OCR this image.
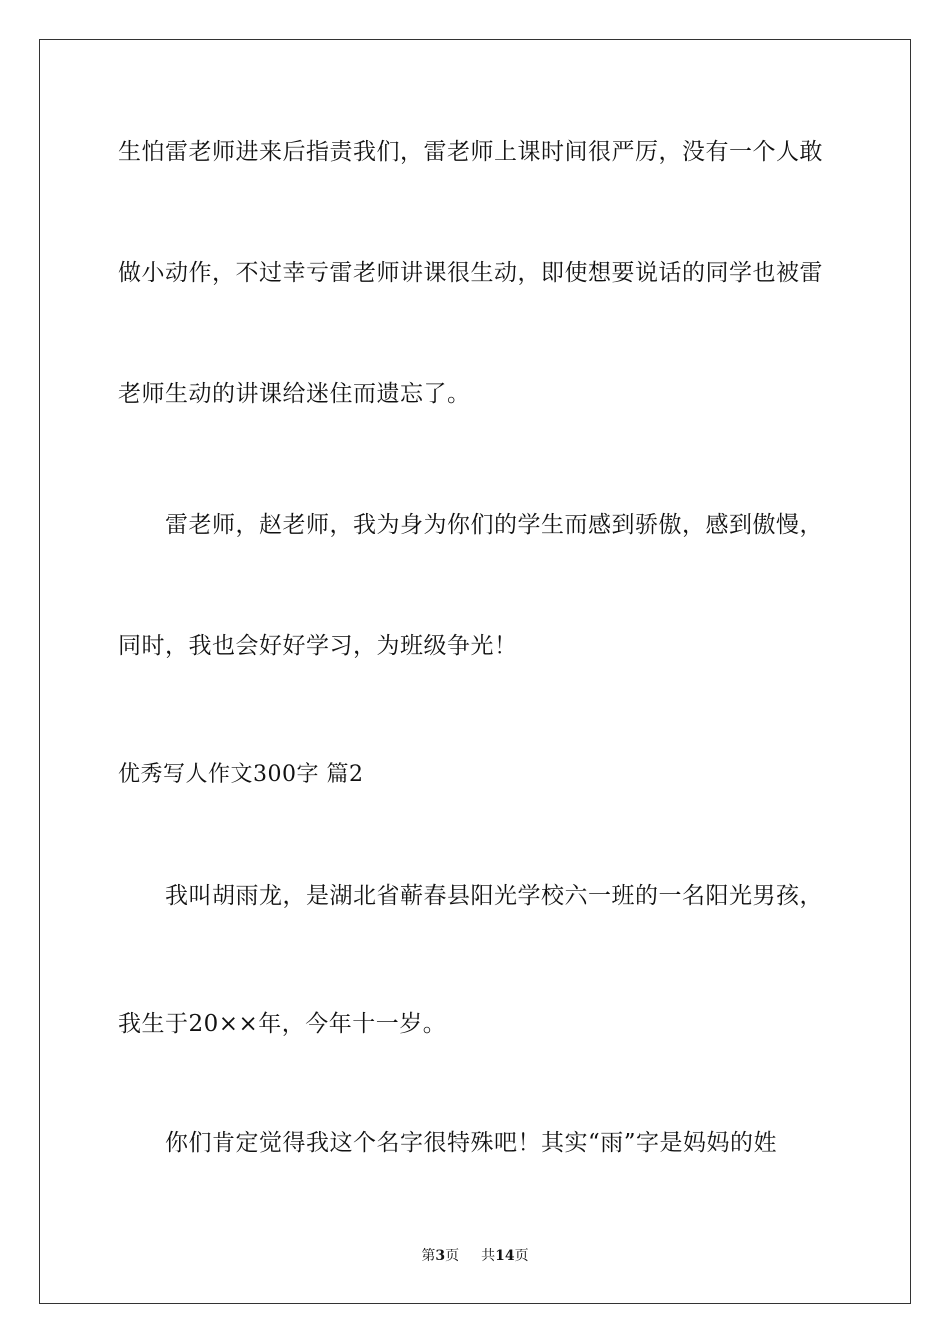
生怕雷老师进来后指责我们，雷老师上课时间很严厉，没有一个人敢
做小动作，不过幸亏雷老师讲课很生动，即使想要说话的同学也被雷
老师生动的讲课给迷住而遗忘了。
雷老师，赵老师，我为身为你们的学生而感到骄傲，感到傲慢，
同时，我也会好好学习，为班级争光！
优秀写人作文300字 篇2
我叫胡雨龙，是湖北省蕲春县阳光学校六一班的一名阳光男孩，
我生于20××年，今年十一岁。
你们肯定觉得我这个名字很特殊吧！其实“雨”字是妈妈的姓
第3页 共14页
